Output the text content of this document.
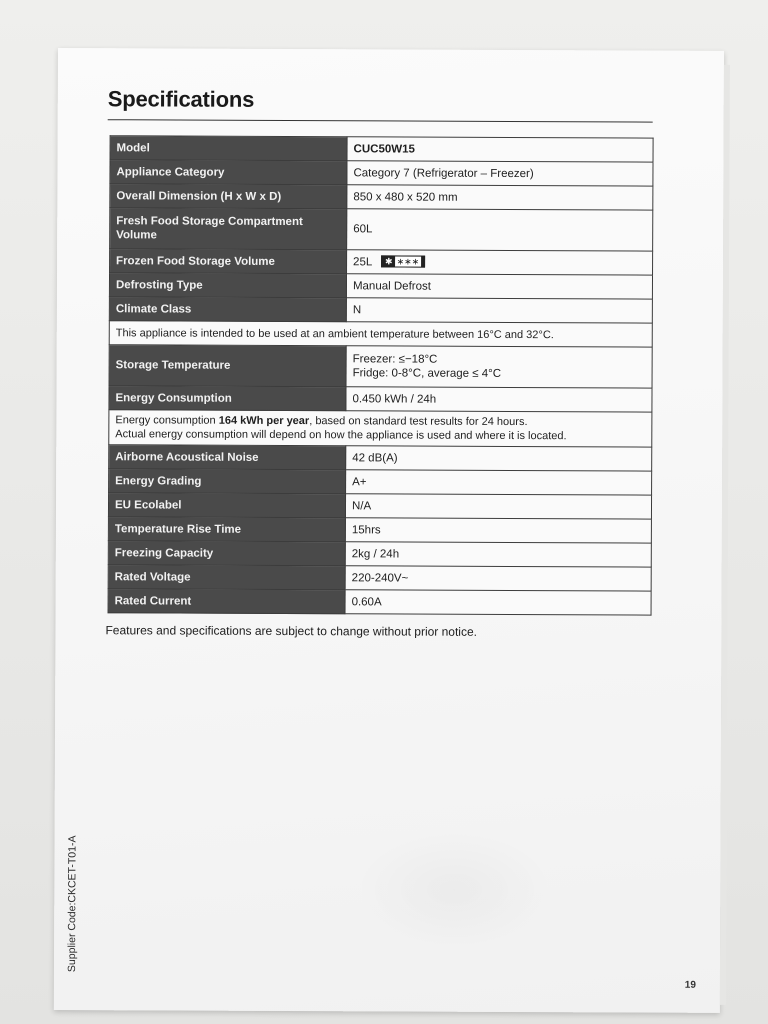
Specifications
Model	CUC50W15
Appliance Category	Category 7 (Refrigerator – Freezer)
Overall Dimension (H x W x D)	850 x 480 x 520 mm
Fresh Food Storage Compartment Volume	60L
Frozen Food Storage Volume	25L ✱ ∗∗∗
Defrosting Type	Manual Defrost
Climate Class	N
This appliance is intended to be used at an ambient temperature between 16°C and 32°C.	
Storage Temperature	Freezer: ≤−18°C
Fridge: 0-8°C, average ≤ 4°C

Energy Consumption	0.450 kWh / 24h

Energy consumption 164 kWh per year, based on standard test results for 24 hours.
Actual energy consumption will depend on how the appliance is used and where it is located.	

Airborne Acoustical Noise	42 dB(A)
Energy Grading	A+
EU Ecolabel	N/A
Temperature Rise Time	15hrs
Freezing Capacity	2kg / 24h
Rated Voltage	220-240V~
Rated Current	0.60A

Features and specifications are subject to change without prior notice.

Supplier Code:CKCET-T01-A
19
